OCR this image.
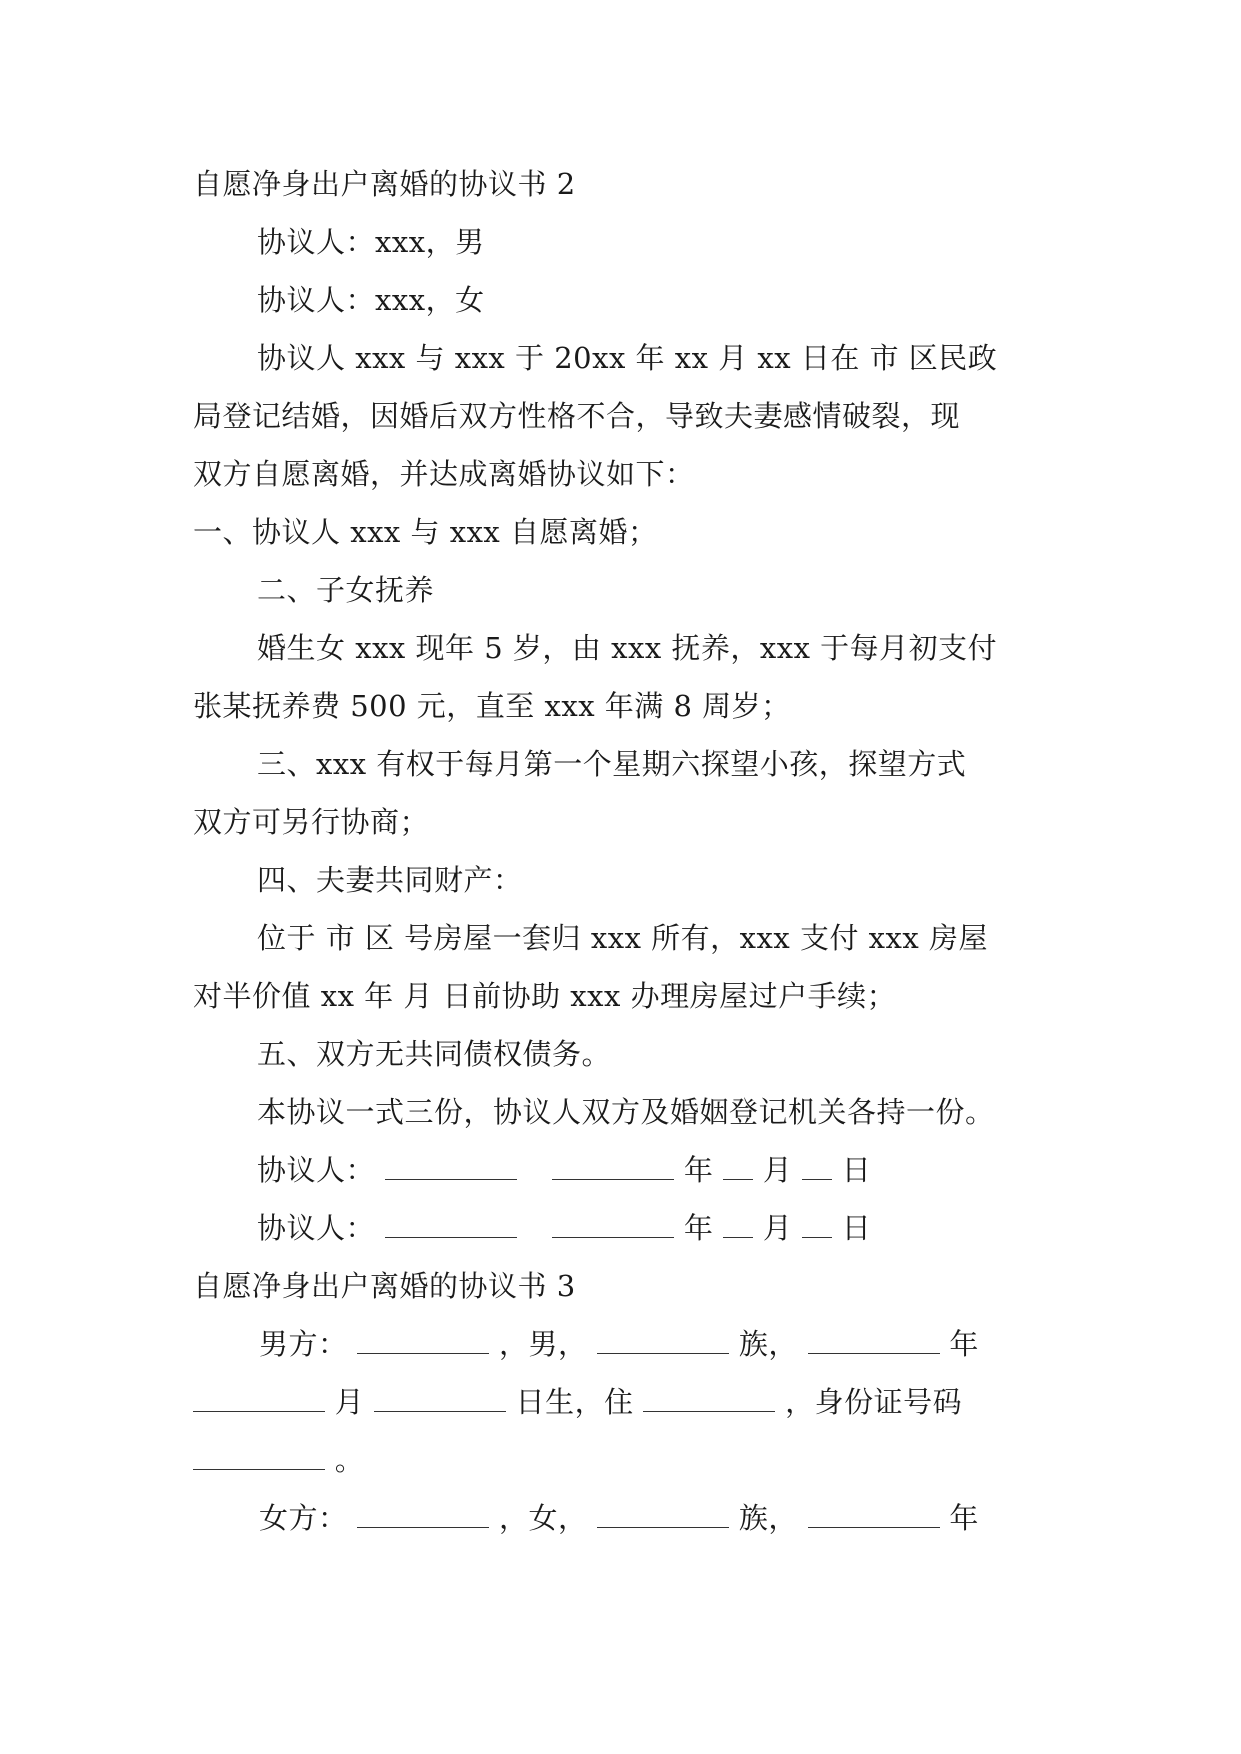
自愿净身出户离婚的协议书 2
协议人：xxx，男
协议人：xxx，女
协议人 xxx 与 xxx 于 20xx 年 xx 月 xx 日在 市 区民政
局登记结婚，因婚后双方性格不合，导致夫妻感情破裂，现
双方自愿离婚，并达成离婚协议如下：
一、协议人 xxx 与 xxx 自愿离婚；
二、子女抚养
婚生女 xxx 现年 5 岁，由 xxx 抚养，xxx 于每月初支付
张某抚养费 500 元，直至 xxx 年满 8 周岁；
三、xxx 有权于每月第一个星期六探望小孩，探望方式
双方可另行协商；
四、夫妻共同财产：
位于 市 区 号房屋一套归 xxx 所有，xxx 支付 xxx 房屋
对半价值 xx 年 月 日前协助 xxx 办理房屋过户手续；
五、双方无共同债权债务。
本协议一式三份，协议人双方及婚姻登记机关各持一份。
协议人：	年 月 日
协议人：	年 月 日
自愿净身出户离婚的协议书 3
男方：	，男，	族，	年
月	日生，住	，身份证号码
。
女方：	，女，	族，	年
